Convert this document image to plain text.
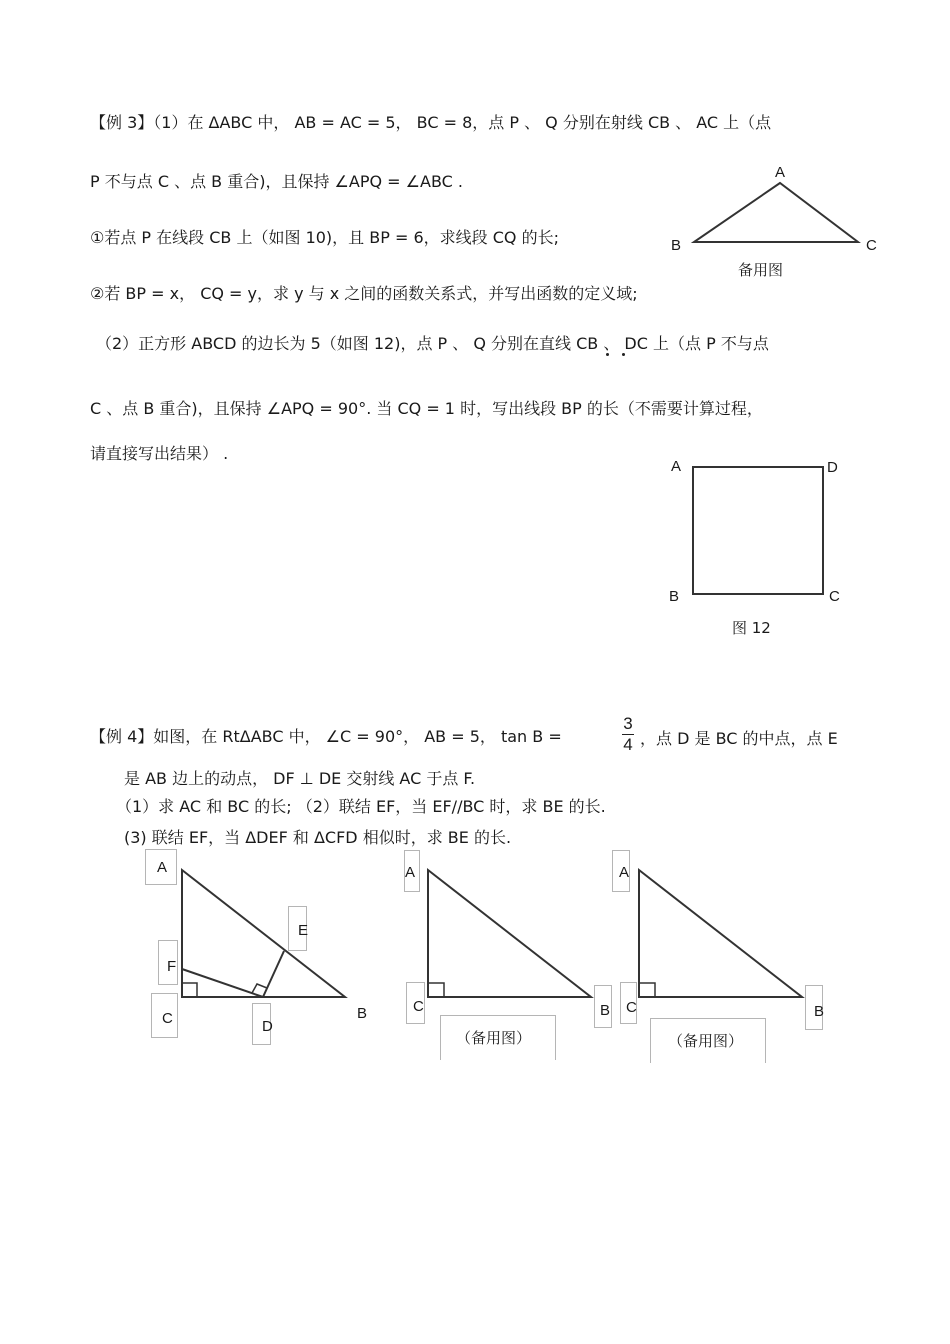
【例 3】（1）在 ΔABC 中， AB = AC = 5， BC = 8，点 P 、 Q 分别在射线 CB 、 AC 上（点
P 不与点 C 、点 B 重合)，且保持 ∠APQ = ∠ABC .
①若点 P 在线段 CB 上（如图 10)，且 BP = 6，求线段 CQ 的长;
②若 BP = x， CQ = y，求 y 与 x 之间的函数关系式，并写出函数的定义域;
（2）正方形 ABCD 的边长为 5（如图 12)，点 P 、 Q 分别在直线 CB 、 DC 上（点 P 不与点
C 、点 B 重合)，且保持 ∠APQ = 90°. 当 CQ = 1 时，写出线段 BP 的长（不需要计算过程，
请直接写出结果） .
A
B	C
备用图
A	D
B	C
图 12
【例 4】如图，在 RtΔABC 中， ∠C = 90°， AB = 5， tan B =
3
4 ，点 D 是 BC 的中点，点 E
是 AB 边上的动点， DF ⊥ DE 交射线 AC 于点 F.
（1）求 AC 和 BC 的长; （2）联结 EF，当 EF//BC 时，求 BE 的长.
(3) 联结 EF，当 ΔDEF 和 ΔCFD 相似时，求 BE 的长.
A
E
F
C	D
B
A
C	B
（备用图）
A
C	B
（备用图）
